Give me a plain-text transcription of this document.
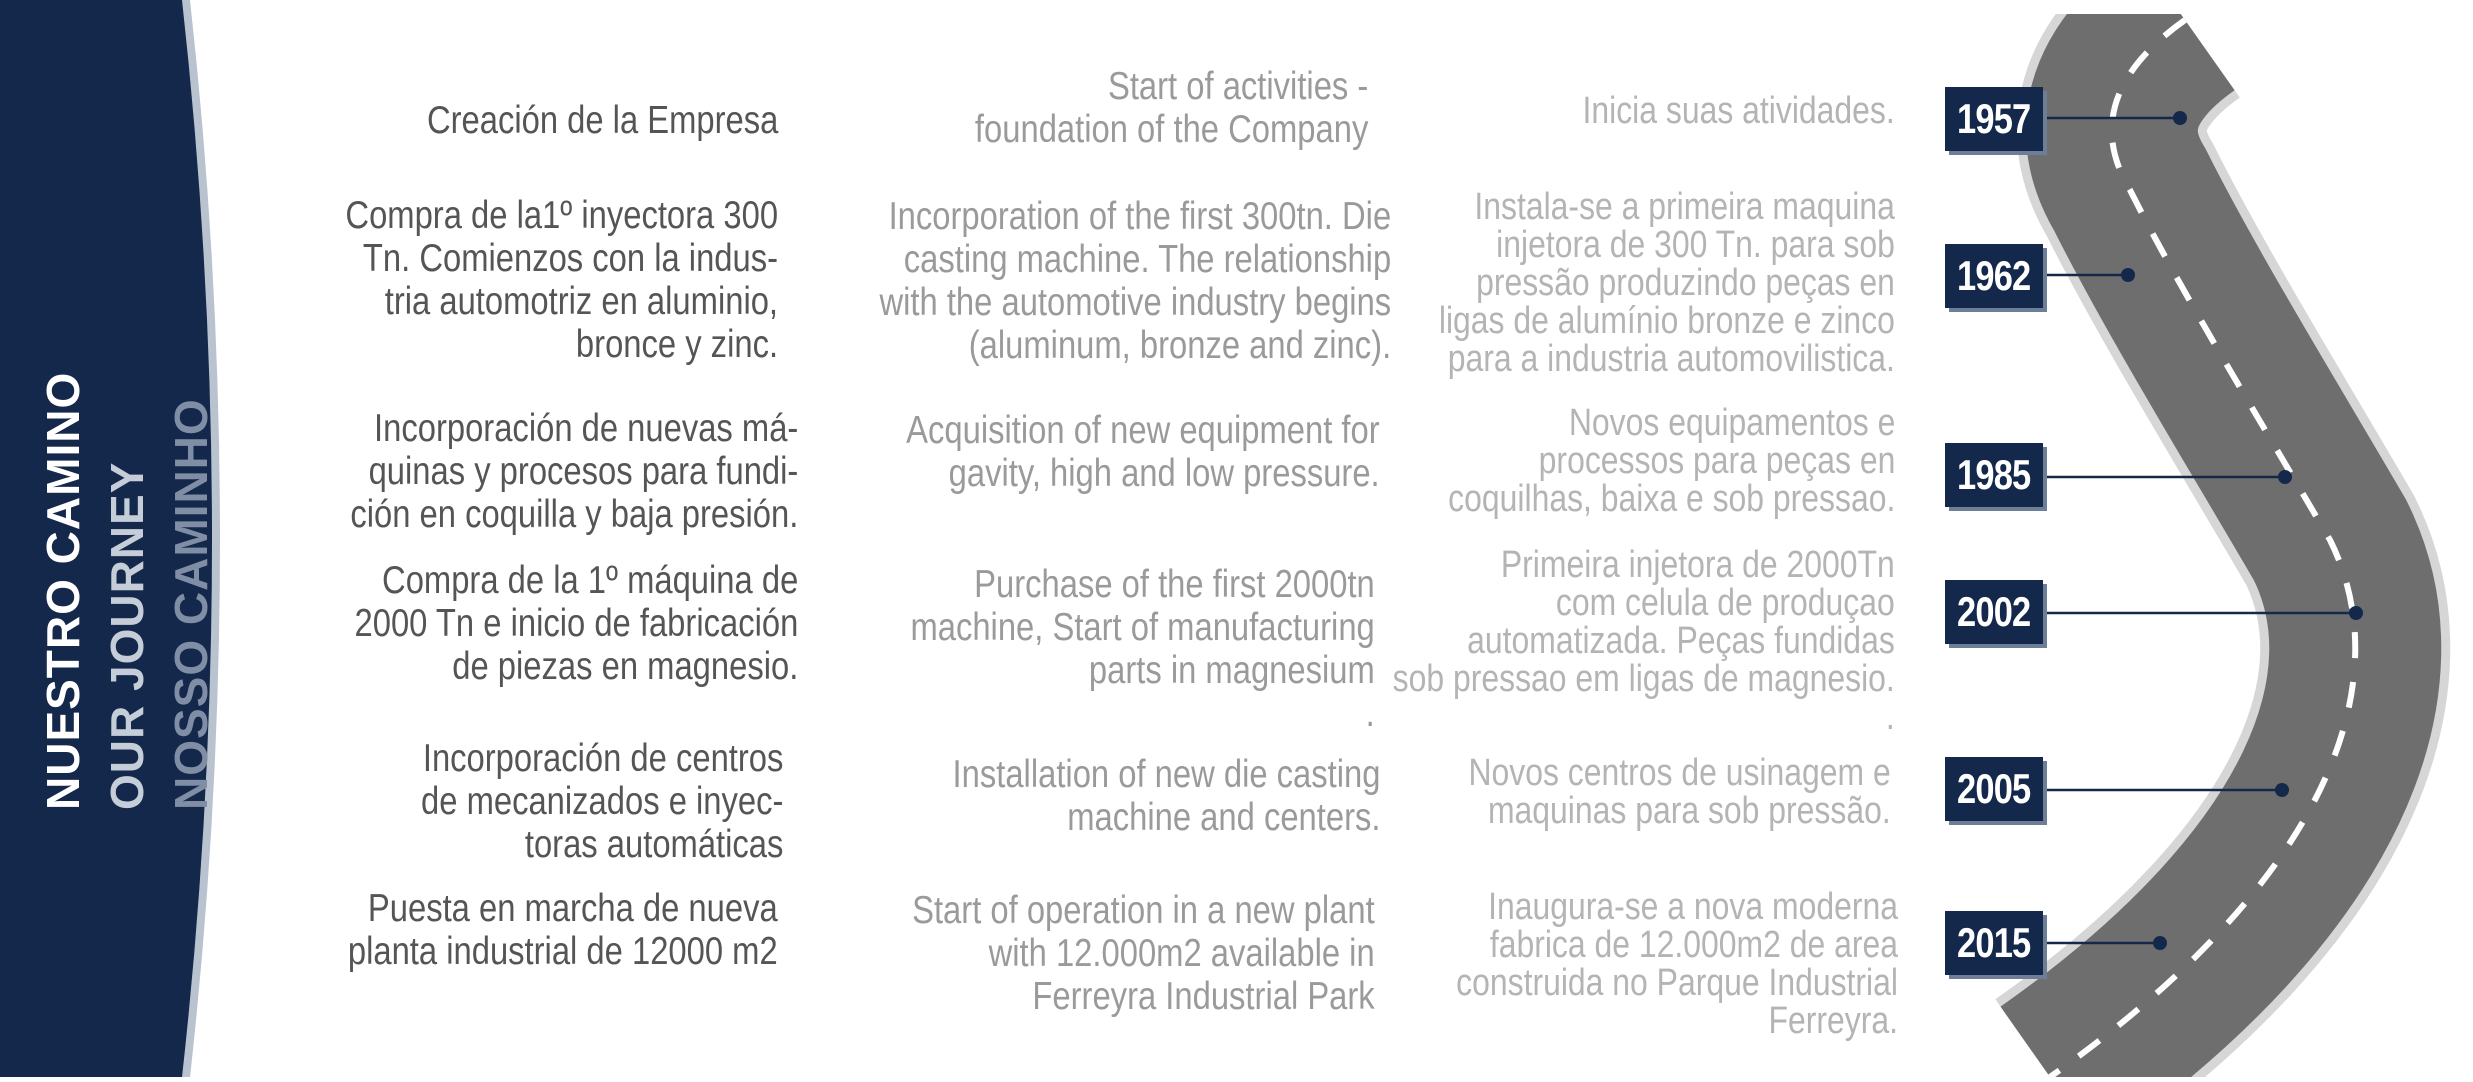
NUESTRO CAMINO OUR JOURNEY NOSSO CAMINHO
Creación de la Empresa
Start of activities -
foundation of the Company	Inicia suas atividades. 1957
Compra de la1º inyectora 300
Tn. Comienzos con la indus-
tria automotriz en aluminio,
bronce y zinc.
Incorporation of the first 300tn. Die
casting machine. The relationship
with the automotive industry begins
(aluminum, bronze and zinc).
Instala-se a primeira maquina
injetora de 300 Tn. para sob
pressão produzindo peças en
ligas de alumínio bronze e zinco
para a industria automovilistica.
1962
Incorporación de nuevas má-
quinas y procesos para fundi-
ción en coquilla y baja presión.
Acquisition of new equipment for
gavity, high and low pressure.
Novos equipamentos e
processos para peças en
coquilhas, baixa e sob pressao.
1985
Compra de la 1º máquina de
2000 Tn e inicio de fabricación
de piezas en magnesio.
Purchase of the first 2000tn
machine, Start of manufacturing
parts in magnesium
.
Primeira injetora de 2000Tn
com celula de produçao
automatizada. Peças fundidas
sob pressao em ligas de magnesio.
.
2002
Incorporación de centros
de mecanizados e inyec-
toras automáticas
Installation of new die casting
machine and centers.
Novos centros de usinagem e
maquinas para sob pressão. 2005
Puesta en marcha de nueva
planta industrial de 12000 m2
Start of operation in a new plant
with 12.000m2 available in
Ferreyra Industrial Park
Inaugura-se a nova moderna
fabrica de 12.000m2 de area
construida no Parque Industrial
Ferreyra.
2015
